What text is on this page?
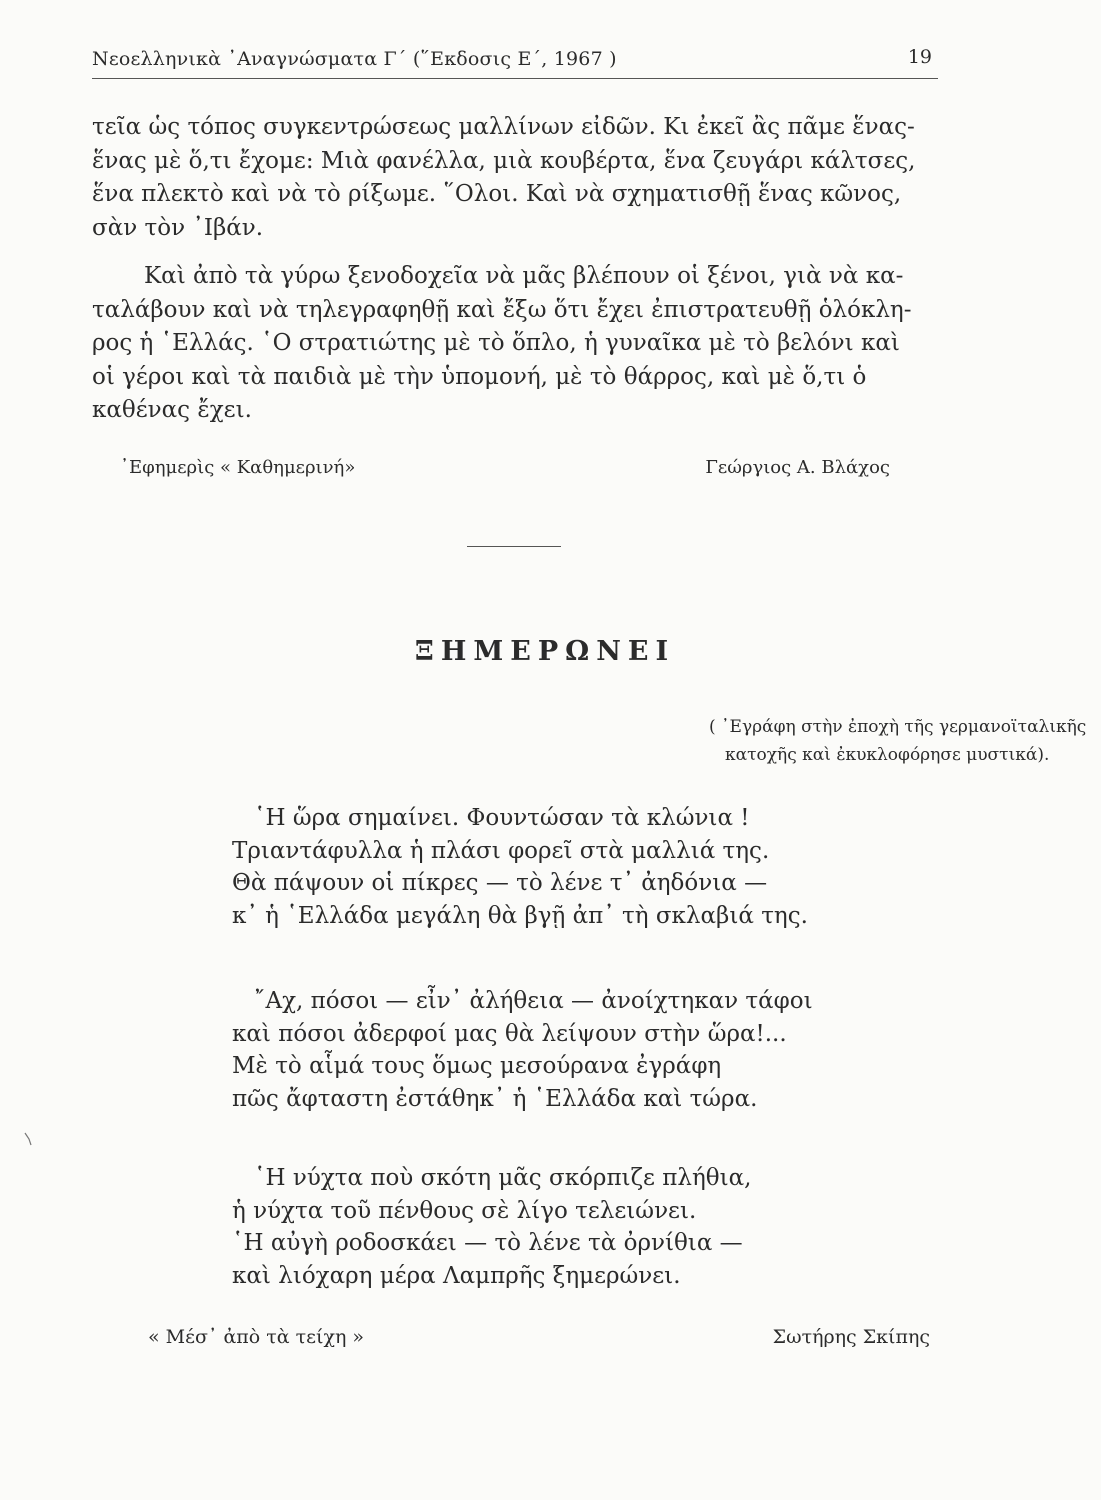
Νεοελληνικὰ ᾿Αναγνώσματα Γ΄ (῞Εκδοσις Ε΄, 1967 )	19
τεῖα ὡς τόπος συγκεντρώσεως μαλλίνων εἰδῶν. Κι ἐκεῖ ἂς πᾶμε ἕνας-
ἕνας μὲ ὅ,τι ἔχομε: Μιὰ φανέλλα, μιὰ κουβέρτα, ἕνα ζευγάρι κάλτσες,
ἕνα πλεκτὸ καὶ νὰ τὸ ρίξωμε. ῞Ολοι. Καὶ νὰ σχηματισθῇ ἕνας κῶνος,
σὰν τὸν ᾿Ιβάν.
Καὶ ἀπὸ τὰ γύρω ξενοδοχεῖα νὰ μᾶς βλέπουν οἱ ξένοι, γιὰ νὰ κα-
ταλάβουν καὶ νὰ τηλεγραφηθῇ καὶ ἔξω ὅτι ἔχει ἐπιστρατευθῇ ὁλόκλη-
ρος ἡ ῾Ελλάς. ῾Ο στρατιώτης μὲ τὸ ὅπλο, ἡ γυναῖκα μὲ τὸ βελόνι καὶ
οἱ γέροι καὶ τὰ παιδιὰ μὲ τὴν ὑπομονή, μὲ τὸ θάρρος, καὶ μὲ ὅ,τι ὁ
καθένας ἔχει.
᾿Εφημερὶς « Καθημερινή»	Γεώργιος Α. Βλάχος
ΞΗΜΕΡΩΝΕΙ
( ᾿Εγράφη στὴν ἐποχὴ τῆς γερμανοϊταλικῆς
κατοχῆς καὶ ἐκυκλοφόρησε μυστικά).
῾Η ὥρα σημαίνει. Φουντώσαν τὰ κλώνια !
Τριαντάφυλλα ἡ πλάσι φορεῖ στὰ μαλλιά της.
Θὰ πάψουν οἱ πίκρες — τὸ λένε τ᾿ ἀηδόνια —
κ᾿ ἡ ῾Ελλάδα μεγάλη θὰ βγῇ ἀπ᾿ τὴ σκλαβιά της.
῎Αχ, πόσοι — εἶν᾿ ἀλήθεια — ἀνοίχτηκαν τάφοι
καὶ πόσοι ἀδερφοί μας θὰ λείψουν στὴν ὥρα!...
Μὲ τὸ αἷμά τους ὅμως μεσούρανα ἐγράφη
πῶς ἄφταστη ἐστάθηκ᾿ ἡ ῾Ελλάδα καὶ τώρα.
῾Η νύχτα ποὺ σκότη μᾶς σκόρπιζε πλήθια,
ἡ νύχτα τοῦ πένθους σὲ λίγο τελειώνει.
῾Η αὐγὴ ροδοσκάει — τὸ λένε τὰ ὀρνίθια —
καὶ λιόχαρη μέρα Λαμπρῆς ξημερώνει.
« Μέσ᾿ ἀπὸ τὰ τείχη »	Σωτήρης Σκίπης
